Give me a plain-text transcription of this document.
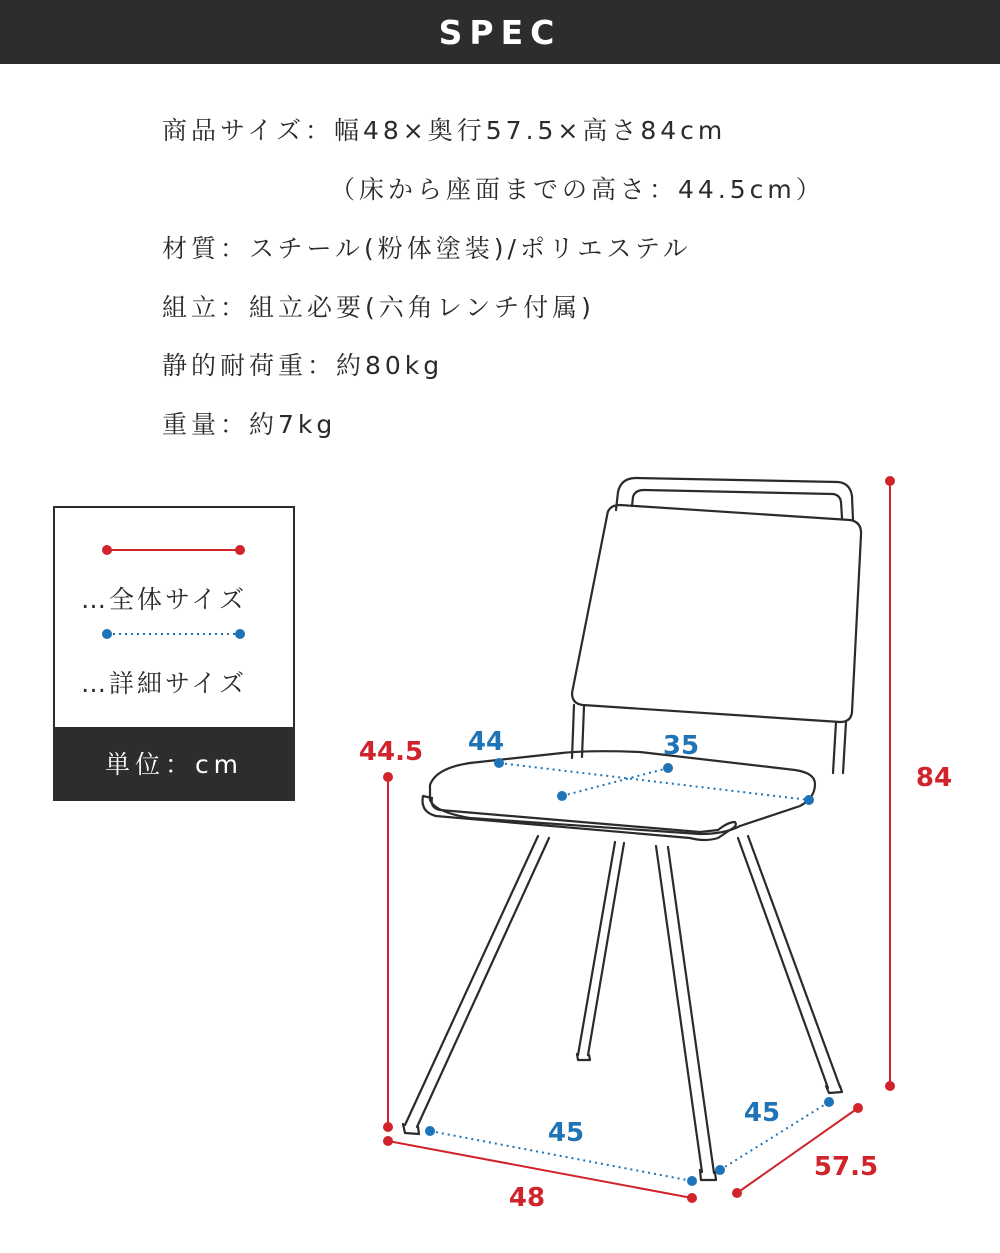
SPEC
商品サイズ：幅48×奥行57.5×高さ84cm
（床から座面までの高さ：44.5cm）
材質：スチール(粉体塗装)/ポリエステル
組立：組立必要(六角レンチ付属)
静的耐荷重：約80kg
重量：約7kg
…全体サイズ
…詳細サイズ
単位：cm	84
44.5
48
57.5
44	35
45
45
